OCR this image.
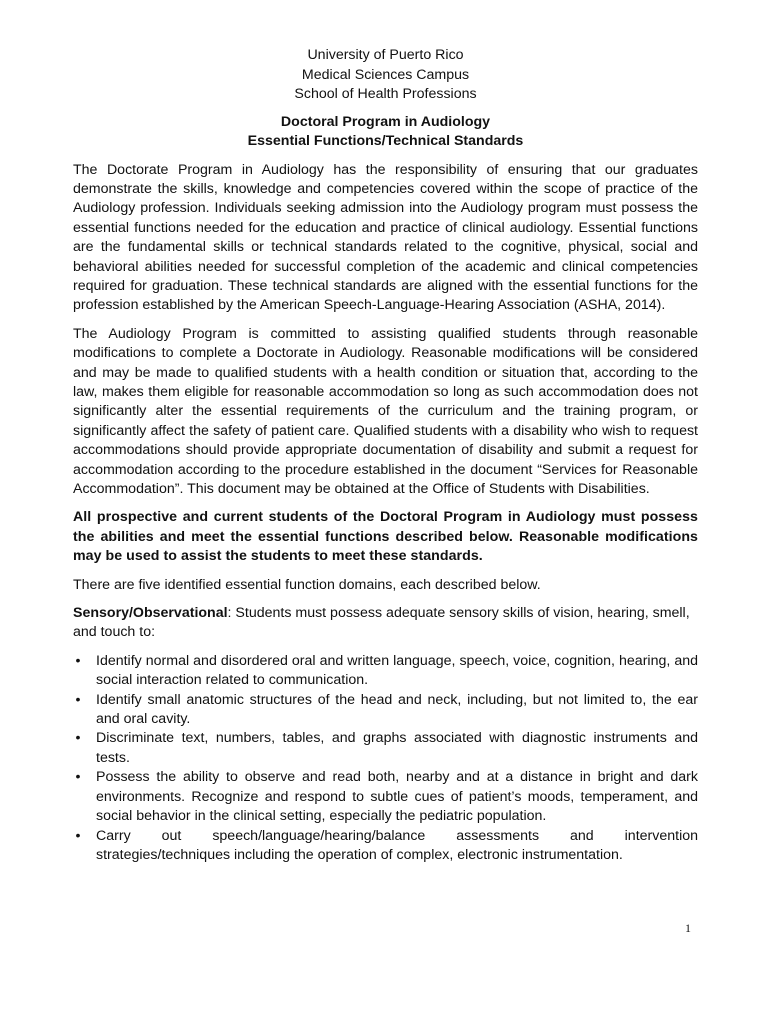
University of Puerto Rico
Medical Sciences Campus
School of Health Professions
Doctoral Program in Audiology
Essential Functions/Technical Standards

The Doctorate Program in Audiology has the responsibility of ensuring that our graduates demonstrate the skills, knowledge and competencies covered within the scope of practice of the Audiology profession. Individuals seeking admission into the Audiology program must possess the essential functions needed for the education and practice of clinical audiology. Essential functions are the fundamental skills or technical standards related to the cognitive, physical, social and behavioral abilities needed for successful completion of the academic and clinical competencies required for graduation. These technical standards are aligned with the essential functions for the profession established by the American Speech-Language-Hearing Association (ASHA, 2014).

The Audiology Program is committed to assisting qualified students through reasonable modifications to complete a Doctorate in Audiology. Reasonable modifications will be considered and may be made to qualified students with a health condition or situation that, according to the law, makes them eligible for reasonable accommodation so long as such accommodation does not significantly alter the essential requirements of the curriculum and the training program, or significantly affect the safety of patient care. Qualified students with a disability who wish to request accommodations should provide appropriate documentation of disability and submit a request for accommodation according to the procedure established in the document “Services for Reasonable Accommodation”. This document may be obtained at the Office of Students with Disabilities.

All prospective and current students of the Doctoral Program in Audiology must possess the abilities and meet the essential functions described below. Reasonable modifications may be used to assist the students to meet these standards.

There are five identified essential function domains, each described below.

Sensory/Observational: Students must possess adequate sensory skills of vision, hearing, smell, and touch to:

• Identify normal and disordered oral and written language, speech, voice, cognition, hearing, and social interaction related to communication.
• Identify small anatomic structures of the head and neck, including, but not limited to, the ear and oral cavity.
• Discriminate text, numbers, tables, and graphs associated with diagnostic instruments and tests.
• Possess the ability to observe and read both, nearby and at a distance in bright and dark environments. Recognize and respond to subtle cues of patient’s moods, temperament, and social behavior in the clinical setting, especially the pediatric population.
• Carry out speech/language/hearing/balance assessments and intervention strategies/techniques including the operation of complex, electronic instrumentation.
1
